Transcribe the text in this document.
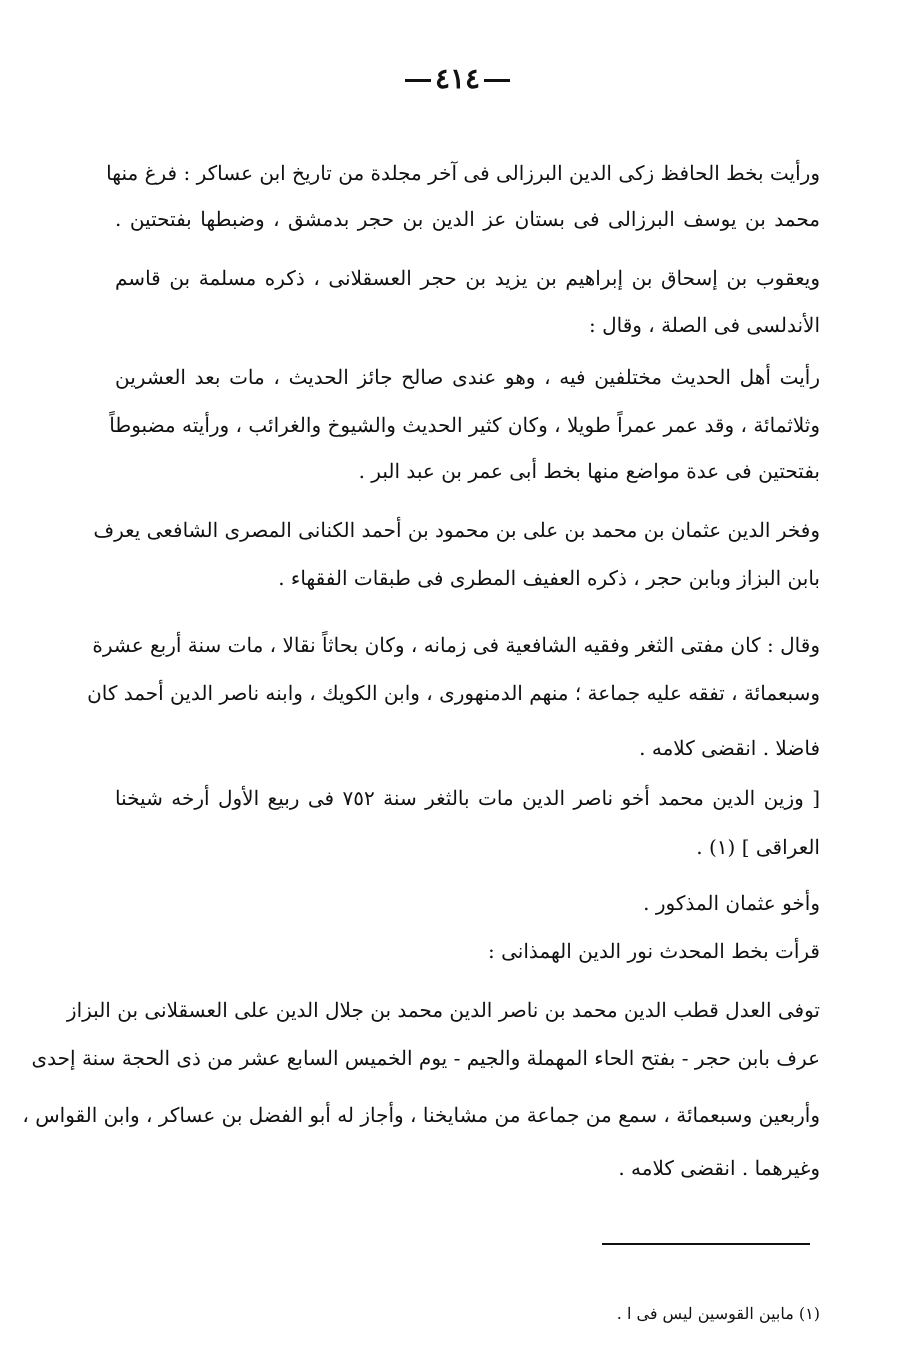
٤١٤
ورأيت بخط الحافظ زكى الدين البرزالى فى آخر مجلدة من تاريخ ابن عساكر : فرغ منها
محمد بن يوسف البرزالى فى بستان عز الدين بن حجر بدمشق ، وضبطها بفتحتين .
ويعقوب بن إسحاق بن إبراهيم بن يزيد بن حجر العسقلانى ، ذكره مسلمة بن قاسم
الأندلسى فى الصلة ، وقال :
رأيت أهل الحديث مختلفين فيه ، وهو عندى صالح جائز الحديث ، مات بعد العشرين
وثلاثمائة ، وقد عمر عمراً طويلا ، وكان كثير الحديث والشيوخ والغرائب ، ورأيته مضبوطاً
بفتحتين فى عدة مواضع منها بخط أبى عمر بن عبد البر .
وفخر الدين عثمان بن محمد بن على بن محمود بن أحمد الكنانى المصرى الشافعى يعرف
بابن البزاز وبابن حجر ، ذكره العفيف المطرى فى طبقات الفقهاء .
وقال : كان مفتى الثغر وفقيه الشافعية فى زمانه ، وكان بحاثاً نقالا ، مات سنة أربع عشرة
وسبعمائة ، تفقه عليه جماعة ؛ منهم الدمنهورى ، وابن الكويك ، وابنه ناصر الدين أحمد كان
فاضلا . انقضى كلامه .
[ وزين الدين محمد أخو ناصر الدين مات بالثغر سنة ٧٥٢ فى ربيع الأول أرخه شيخنا
العراقى ] (١) .
وأخو عثمان المذكور .
قرأت بخط المحدث نور الدين الهمذانى :
توفى العدل قطب الدين محمد بن ناصر الدين محمد بن جلال الدين على العسقلانى بن البزاز
عرف بابن حجر - بفتح الحاء المهملة والجيم - يوم الخميس السابع عشر من ذى الحجة سنة إحدى
وأربعين وسبعمائة ، سمع من جماعة من مشايخنا ، وأجاز له أبو الفضل بن عساكر ، وابن القواس ،
وغيرهما . انقضى كلامه .
(١) مابين القوسين ليس فى ا .
